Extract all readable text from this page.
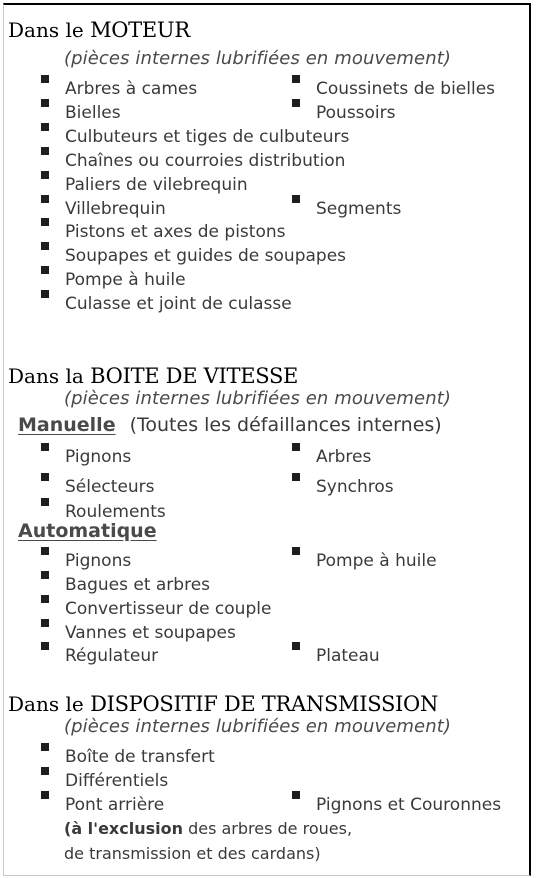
Dans le MOTEUR
(pièces internes lubrifiées en mouvement)
Arbres à cames	Coussinets de bielles
Bielles	Poussoirs
Culbuteurs et tiges de culbuteurs
Chaînes ou courroies distribution
Paliers de vilebrequin
Villebrequin	Segments
Pistons et axes de pistons
Soupapes et guides de soupapes
Pompe à huile
Culasse et joint de culasse
Dans la BOITE DE VITESSE
(pièces internes lubrifiées en mouvement)
Manuelle (Toutes les défaillances internes)
Pignons	Arbres
Sélecteurs	Synchros
Roulements
Automatique
Pignons	Pompe à huile
Bagues et arbres
Convertisseur de couple
Vannes et soupapes
Régulateur	Plateau
Dans le DISPOSITIF DE TRANSMISSION
(pièces internes lubrifiées en mouvement)
Boîte de transfert
Différentiels
Pont arrière	Pignons et Couronnes
(à l'exclusion des arbres de roues,
de transmission et des cardans)
